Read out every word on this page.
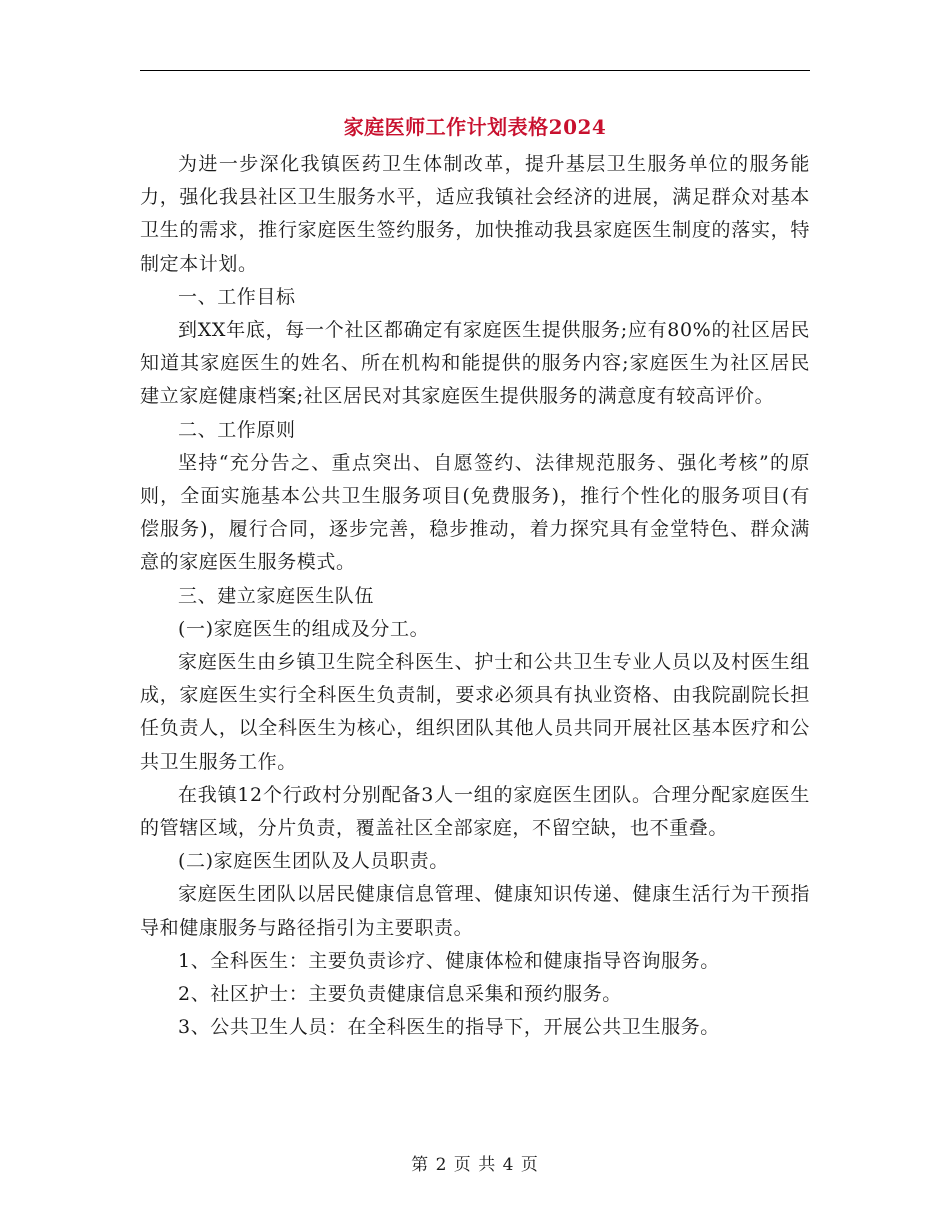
家庭医师工作计划表格2024

为进一步深化我镇医药卫生体制改革，提升基层卫生服务单位的服务能力，强化我县社区卫生服务水平，适应我镇社会经济的进展，满足群众对基本卫生的需求，推行家庭医生签约服务，加快推动我县家庭医生制度的落实，特制定本计划。

一、工作目标

到XX年底，每一个社区都确定有家庭医生提供服务;应有80%的社区居民知道其家庭医生的姓名、所在机构和能提供的服务内容;家庭医生为社区居民建立家庭健康档案;社区居民对其家庭医生提供服务的满意度有较高评价。

二、工作原则

坚持“充分告之、重点突出、自愿签约、法律规范服务、强化考核”的原则，全面实施基本公共卫生服务项目(免费服务)，推行个性化的服务项目(有偿服务)，履行合同，逐步完善，稳步推动，着力探究具有金堂特色、群众满意的家庭医生服务模式。

三、建立家庭医生队伍

(一)家庭医生的组成及分工。

家庭医生由乡镇卫生院全科医生、护士和公共卫生专业人员以及村医生组成，家庭医生实行全科医生负责制，要求必须具有执业资格、由我院副院长担任负责人，以全科医生为核心，组织团队其他人员共同开展社区基本医疗和公共卫生服务工作。

在我镇12个行政村分别配备3人一组的家庭医生团队。合理分配家庭医生的管辖区域，分片负责，覆盖社区全部家庭，不留空缺，也不重叠。

(二)家庭医生团队及人员职责。

家庭医生团队以居民健康信息管理、健康知识传递、健康生活行为干预指导和健康服务与路径指引为主要职责。

1、全科医生：主要负责诊疗、健康体检和健康指导咨询服务。

2、社区护士：主要负责健康信息采集和预约服务。

3、公共卫生人员：在全科医生的指导下，开展公共卫生服务。

第 2 页 共 4 页
